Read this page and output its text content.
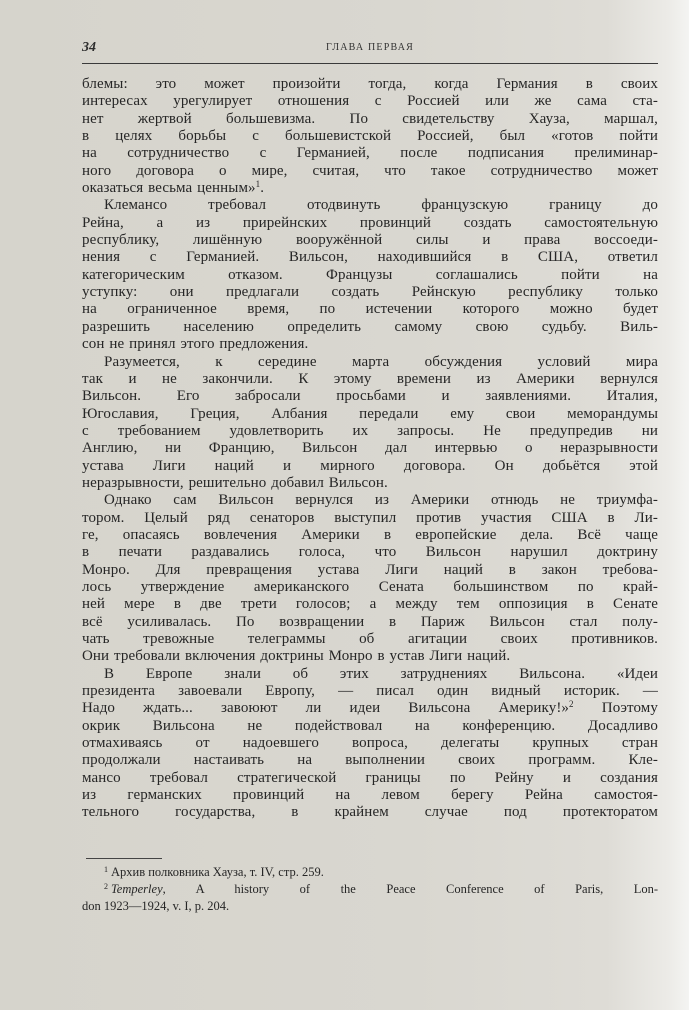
34	ГЛАВА ПЕРВАЯ
блемы: это может произойти тогда, когда Германия в своих
интересах урегулирует отношения с Россией или же сама ста-
нет жертвой большевизма. По свидетельству Хауза, маршал,
в целях борьбы с большевистской Россией, был «готов пойти
на сотрудничество с Германией, после подписания прелиминар-
ного договора о мире, считая, что такое сотрудничество может
оказаться весьма ценным»$^1$.
Клемансо требовал отодвинуть французскую границу до
Рейна, а из прирейнских провинций создать самостоятельную
республику, лишённую вооружённой силы и права воссоеди-
нения с Германией. Вильсон, находившийся в США, ответил
категорическим отказом. Французы соглашались пойти на
уступку: они предлагали создать Рейнскую республику только
на ограниченное время, по истечении которого можно будет
разрешить населению определить самому свою судьбу. Виль-
сон не принял этого предложения.
Разумеется, к середине марта обсуждения условий мира
так и не закончили. К этому времени из Америки вернулся
Вильсон. Его забросали просьбами и заявлениями. Италия,
Югославия, Греция, Албания передали ему свои меморандумы
с требованием удовлетворить их запросы. Не предупредив ни
Англию, ни Францию, Вильсон дал интервью о неразрывности
устава Лиги наций и мирного договора. Он добьётся этой
неразрывности, решительно добавил Вильсон.
Однако сам Вильсон вернулся из Америки отнюдь не триумфа-
тором. Целый ряд сенаторов выступил против участия США в Ли-
ге, опасаясь вовлечения Америки в европейские дела. Всё чаще
в печати раздавались голоса, что Вильсон нарушил доктрину
Монро. Для превращения устава Лиги наций в закон требова-
лось утверждение американского Сената большинством по край-
ней мере в две трети голосов; а между тем оппозиция в Сенате
всё усиливалась. По возвращении в Париж Вильсон стал полу-
чать тревожные телеграммы об агитации своих противников.
Они требовали включения доктрины Монро в устав Лиги наций.
В Европе знали об этих затруднениях Вильсона. «Идеи
президента завоевали Европу, — писал один видный историк. —
Надо ждать... завоюют ли идеи Вильсона Америку!»$^2$ Поэтому
окрик Вильсона не подействовал на конференцию. Досадливо
отмахиваясь от надоевшего вопроса, делегаты крупных стран
продолжали настаивать на выполнении своих программ. Кле-
мансо требовал стратегической границы по Рейну и создания
из германских провинций на левом берегу Рейна самостоя-
тельного государства, в крайнем случае под протекторатом
$^1$ Архив полковника Хауза, т. IV, стр. 259.
$^2$ Temperley, A history of the Peace Conference of Paris, Lon-
don 1923—1924, v. I, p. 204.
